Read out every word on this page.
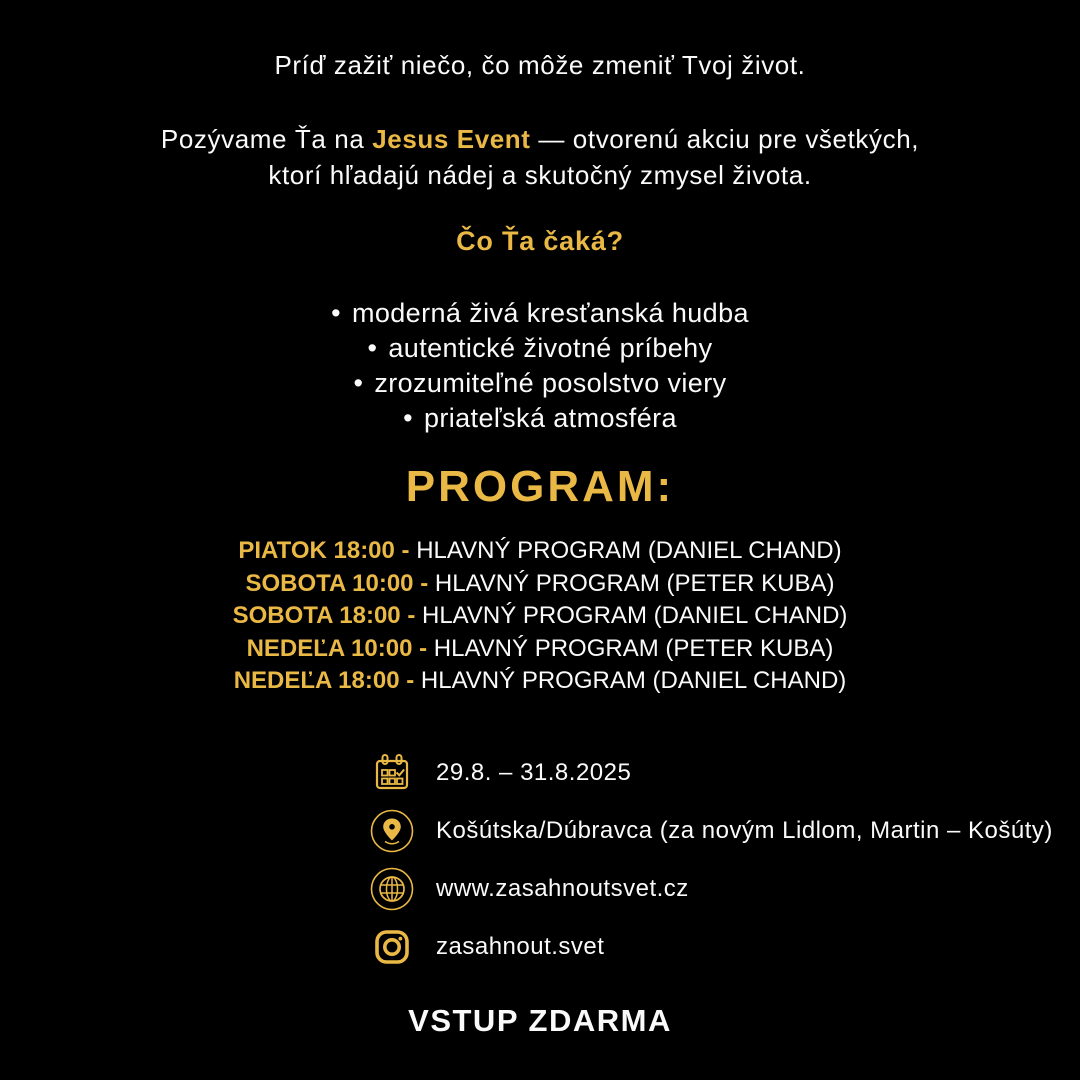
Príď zažiť niečo, čo môže zmeniť Tvoj život.
Pozývame Ťa na Jesus Event — otvorenú akciu pre všetkých,
ktorí hľadajú nádej a skutočný zmysel života.
Čo Ťa čaká?
• moderná živá kresťanská hudba
• autentické životné príbehy
• zrozumiteľné posolstvo viery
• priateľská atmosféra
PROGRAM:
PIATOK 18:00 - HLAVNÝ PROGRAM (DANIEL CHAND)
SOBOTA 10:00 - HLAVNÝ PROGRAM (PETER KUBA)
SOBOTA 18:00 - HLAVNÝ PROGRAM (DANIEL CHAND)
NEDEĽA 10:00 - HLAVNÝ PROGRAM (PETER KUBA)
NEDEĽA 18:00 - HLAVNÝ PROGRAM (DANIEL CHAND)
29.8. – 31.8.2025
Košútska/Dúbravca (za novým Lidlom, Martin – Košúty)
www.zasahnoutsvet.cz
zasahnout.svet
VSTUP ZDARMA
